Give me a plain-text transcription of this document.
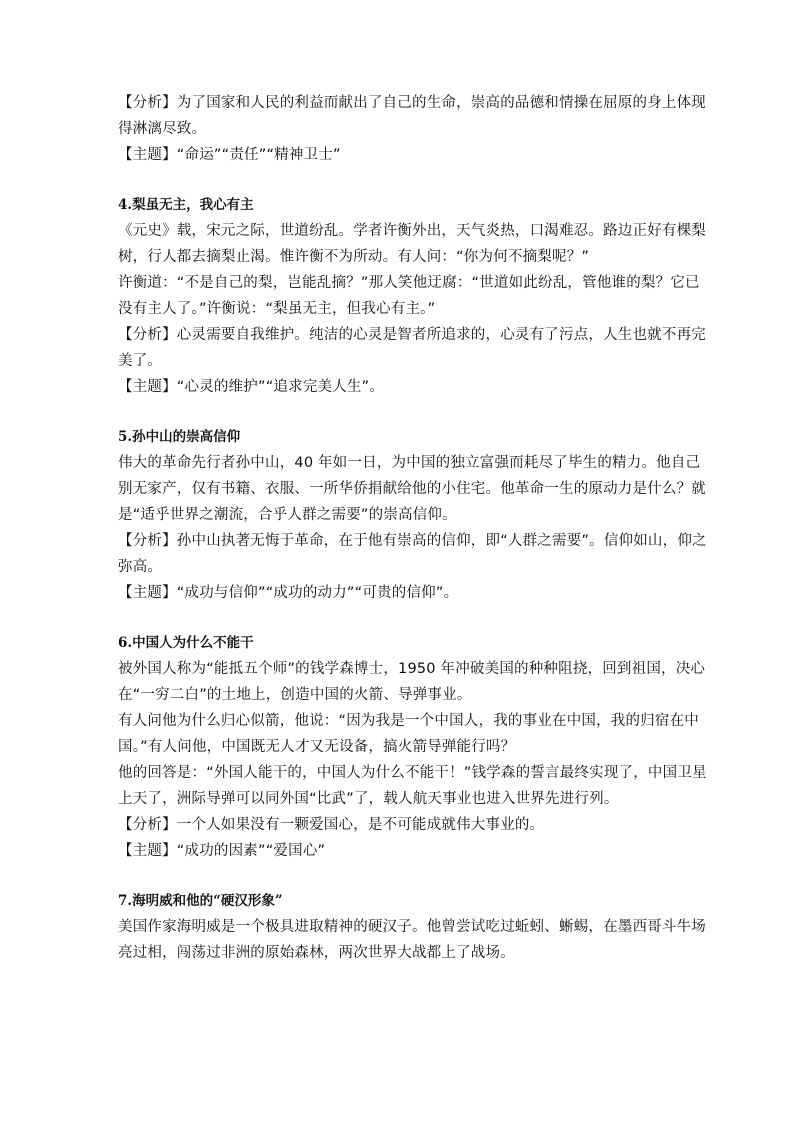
【分析】为了国家和人民的利益而献出了自己的生命，崇高的品德和情操在屈原的身上体现
得淋漓尽致。
【主题】“命运”“责任”“精神卫士”
4.梨虽无主，我心有主
《元史》载，宋元之际，世道纷乱。学者许衡外出，天气炎热，口渴难忍。路边正好有棵梨
树，行人都去摘梨止渴。惟许衡不为所动。有人问：“你为何不摘梨呢？”
许衡道：“不是自己的梨，岂能乱摘？”那人笑他迂腐：“世道如此纷乱，管他谁的梨？它已
没有主人了。”许衡说：“梨虽无主，但我心有主。”
【分析】心灵需要自我维护。纯洁的心灵是智者所追求的，心灵有了污点，人生也就不再完
美了。
【主题】“心灵的维护”“追求完美人生”。
5.孙中山的崇高信仰
伟大的革命先行者孙中山，40 年如一日，为中国的独立富强而耗尽了毕生的精力。他自己
别无家产，仅有书籍、衣服、一所华侨捐献给他的小住宅。他革命一生的原动力是什么？就
是“适乎世界之潮流，合乎人群之需要”的崇高信仰。
【分析】孙中山执著无悔于革命，在于他有崇高的信仰，即“人群之需要”。信仰如山，仰之
弥高。
【主题】“成功与信仰”“成功的动力”“可贵的信仰”。
6.中国人为什么不能干
被外国人称为“能抵五个师”的钱学森博士，1950 年冲破美国的种种阻挠，回到祖国，决心
在“一穷二白”的土地上，创造中国的火箭、导弹事业。
有人问他为什么归心似箭，他说：“因为我是一个中国人，我的事业在中国，我的归宿在中
国。”有人问他，中国既无人才又无设备，搞火箭导弹能行吗？
他的回答是：“外国人能干的，中国人为什么不能干！”钱学森的誓言最终实现了，中国卫星
上天了，洲际导弹可以同外国“比武”了，载人航天事业也进入世界先进行列。
【分析】一个人如果没有一颗爱国心，是不可能成就伟大事业的。
【主题】“成功的因素”“爱国心”
7.海明威和他的“硬汉形象”
美国作家海明威是一个极具进取精神的硬汉子。他曾尝试吃过蚯蚓、蜥蜴，在墨西哥斗牛场
亮过相，闯荡过非洲的原始森林，两次世界大战都上了战场。
